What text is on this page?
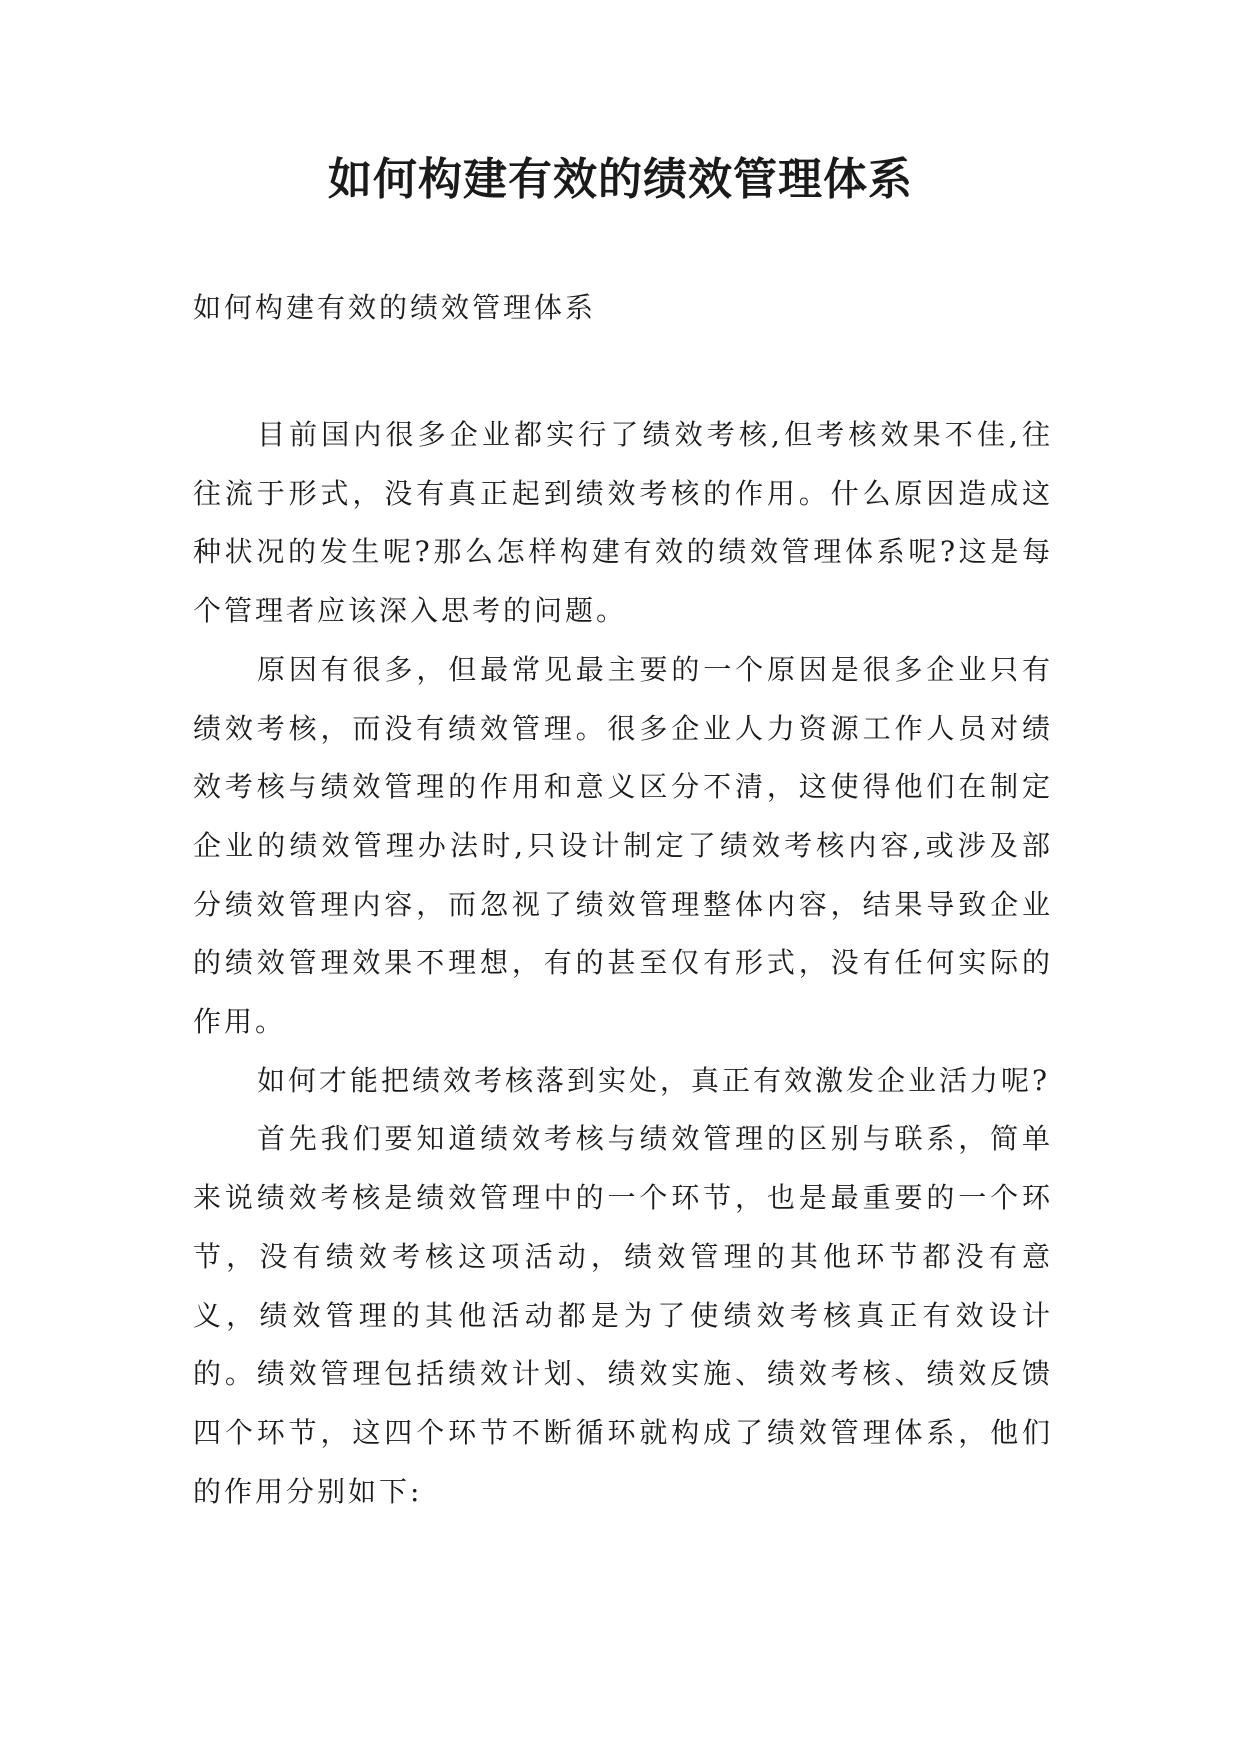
如何构建有效的绩效管理体系

如何构建有效的绩效管理体系

目前国内很多企业都实行了绩效考核,但考核效果不佳,往往流于形式，没有真正起到绩效考核的作用。什么原因造成这种状况的发生呢?那么怎样构建有效的绩效管理体系呢?这是每个管理者应该深入思考的问题。

原因有很多，但最常见最主要的一个原因是很多企业只有绩效考核，而没有绩效管理。很多企业人力资源工作人员对绩效考核与绩效管理的作用和意义区分不清，这使得他们在制定企业的绩效管理办法时,只设计制定了绩效考核内容,或涉及部分绩效管理内容，而忽视了绩效管理整体内容，结果导致企业的绩效管理效果不理想，有的甚至仅有形式，没有任何实际的作用。

如何才能把绩效考核落到实处，真正有效激发企业活力呢?

首先我们要知道绩效考核与绩效管理的区别与联系，简单来说绩效考核是绩效管理中的一个环节，也是最重要的一个环节，没有绩效考核这项活动，绩效管理的其他环节都没有意义，绩效管理的其他活动都是为了使绩效考核真正有效设计的。绩效管理包括绩效计划、绩效实施、绩效考核、绩效反馈四个环节，这四个环节不断循环就构成了绩效管理体系，他们的作用分别如下:
